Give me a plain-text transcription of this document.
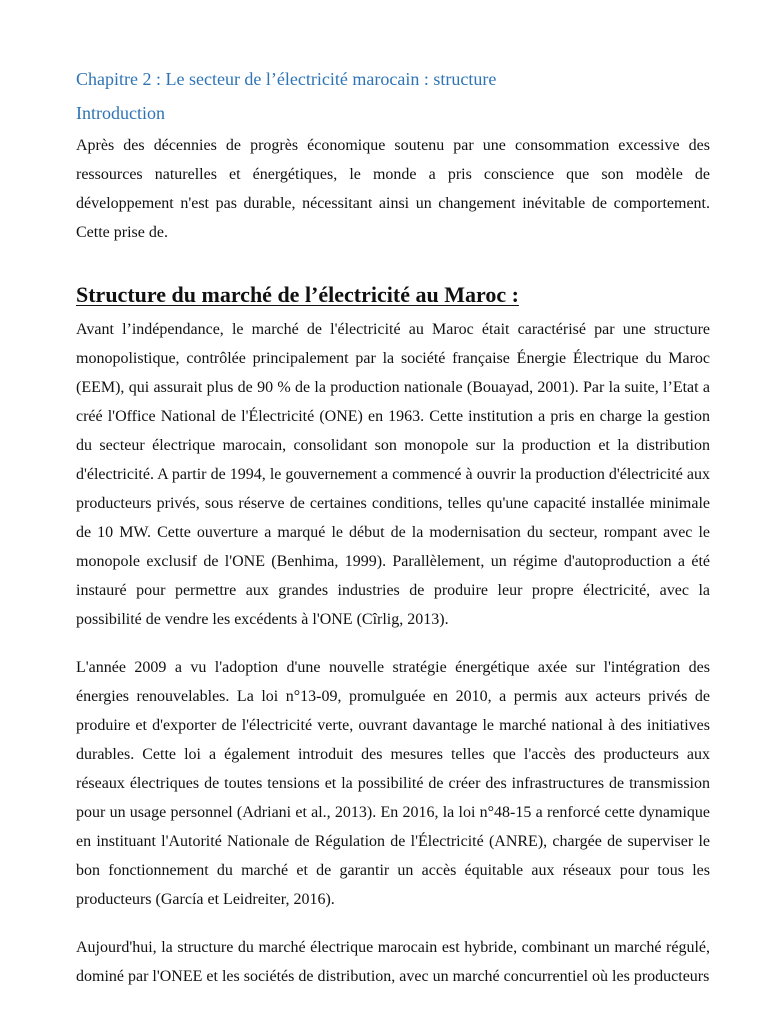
Chapitre 2 : Le secteur de l’électricité marocain : structure
Introduction

Après des décennies de progrès économique soutenu par une consommation excessive des ressources naturelles et énergétiques, le monde a pris conscience que son modèle de développement n'est pas durable, nécessitant ainsi un changement inévitable de comportement. Cette prise de.

Structure du marché de l’électricité au Maroc :

Avant l’indépendance, le marché de l'électricité au Maroc était caractérisé par une structure monopolistique, contrôlée principalement par la société française Énergie Électrique du Maroc (EEM), qui assurait plus de 90 % de la production nationale (Bouayad, 2001). Par la suite, l’Etat a créé l'Office National de l'Électricité (ONE) en 1963. Cette institution a pris en charge la gestion du secteur électrique marocain, consolidant son monopole sur la production et la distribution d'électricité. A partir de 1994, le gouvernement a commencé à ouvrir la production d'électricité aux producteurs privés, sous réserve de certaines conditions, telles qu'une capacité installée minimale de 10 MW. Cette ouverture a marqué le début de la modernisation du secteur, rompant avec le monopole exclusif de l'ONE (Benhima, 1999). Parallèlement, un régime d'autoproduction a été instauré pour permettre aux grandes industries de produire leur propre électricité, avec la possibilité de vendre les excédents à l'ONE (Cîrlig, 2013).

L'année 2009 a vu l'adoption d'une nouvelle stratégie énergétique axée sur l'intégration des énergies renouvelables. La loi n°13-09, promulguée en 2010, a permis aux acteurs privés de produire et d'exporter de l'électricité verte, ouvrant davantage le marché national à des initiatives durables. Cette loi a également introduit des mesures telles que l'accès des producteurs aux réseaux électriques de toutes tensions et la possibilité de créer des infrastructures de transmission pour un usage personnel (Adriani et al., 2013). En 2016, la loi n°48-15 a renforcé cette dynamique en instituant l'Autorité Nationale de Régulation de l'Électricité (ANRE), chargée de superviser le bon fonctionnement du marché et de garantir un accès équitable aux réseaux pour tous les producteurs (García et Leidreiter, 2016).

Aujourd'hui, la structure du marché électrique marocain est hybride, combinant un marché régulé, dominé par l'ONEE et les sociétés de distribution, avec un marché concurrentiel où les producteurs
